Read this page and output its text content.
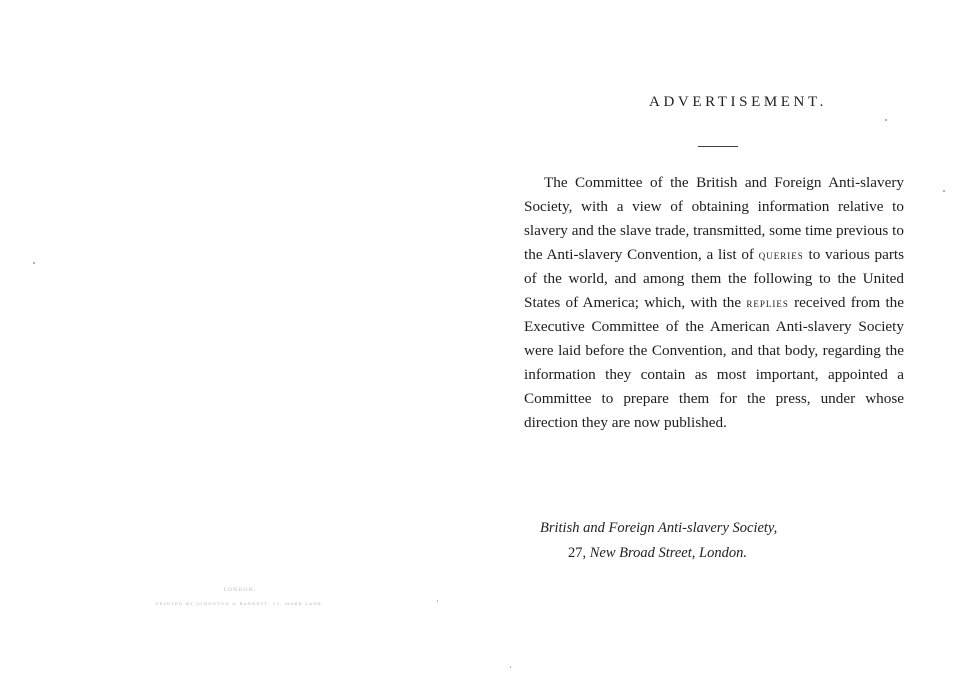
LONDON:
PRINTED BY JOHNSTON & BARRETT, 13, MARK LANE.
ADVERTISEMENT.
The Committee of the British and Foreign Anti-slavery Society, with a view of obtaining information relative to slavery and the slave trade, transmitted, some time previous to the Anti-slavery Convention, a list of queries to various parts of the world, and among them the following to the United States of America; which, with the replies received from the Executive Committee of the American Anti-slavery Society were laid before the Convention, and that body, regarding the information they contain as most important, appointed a Committee to prepare them for the press, under whose direction they are now published.
British and Foreign Anti-slavery Society,
27, New Broad Street, London.
